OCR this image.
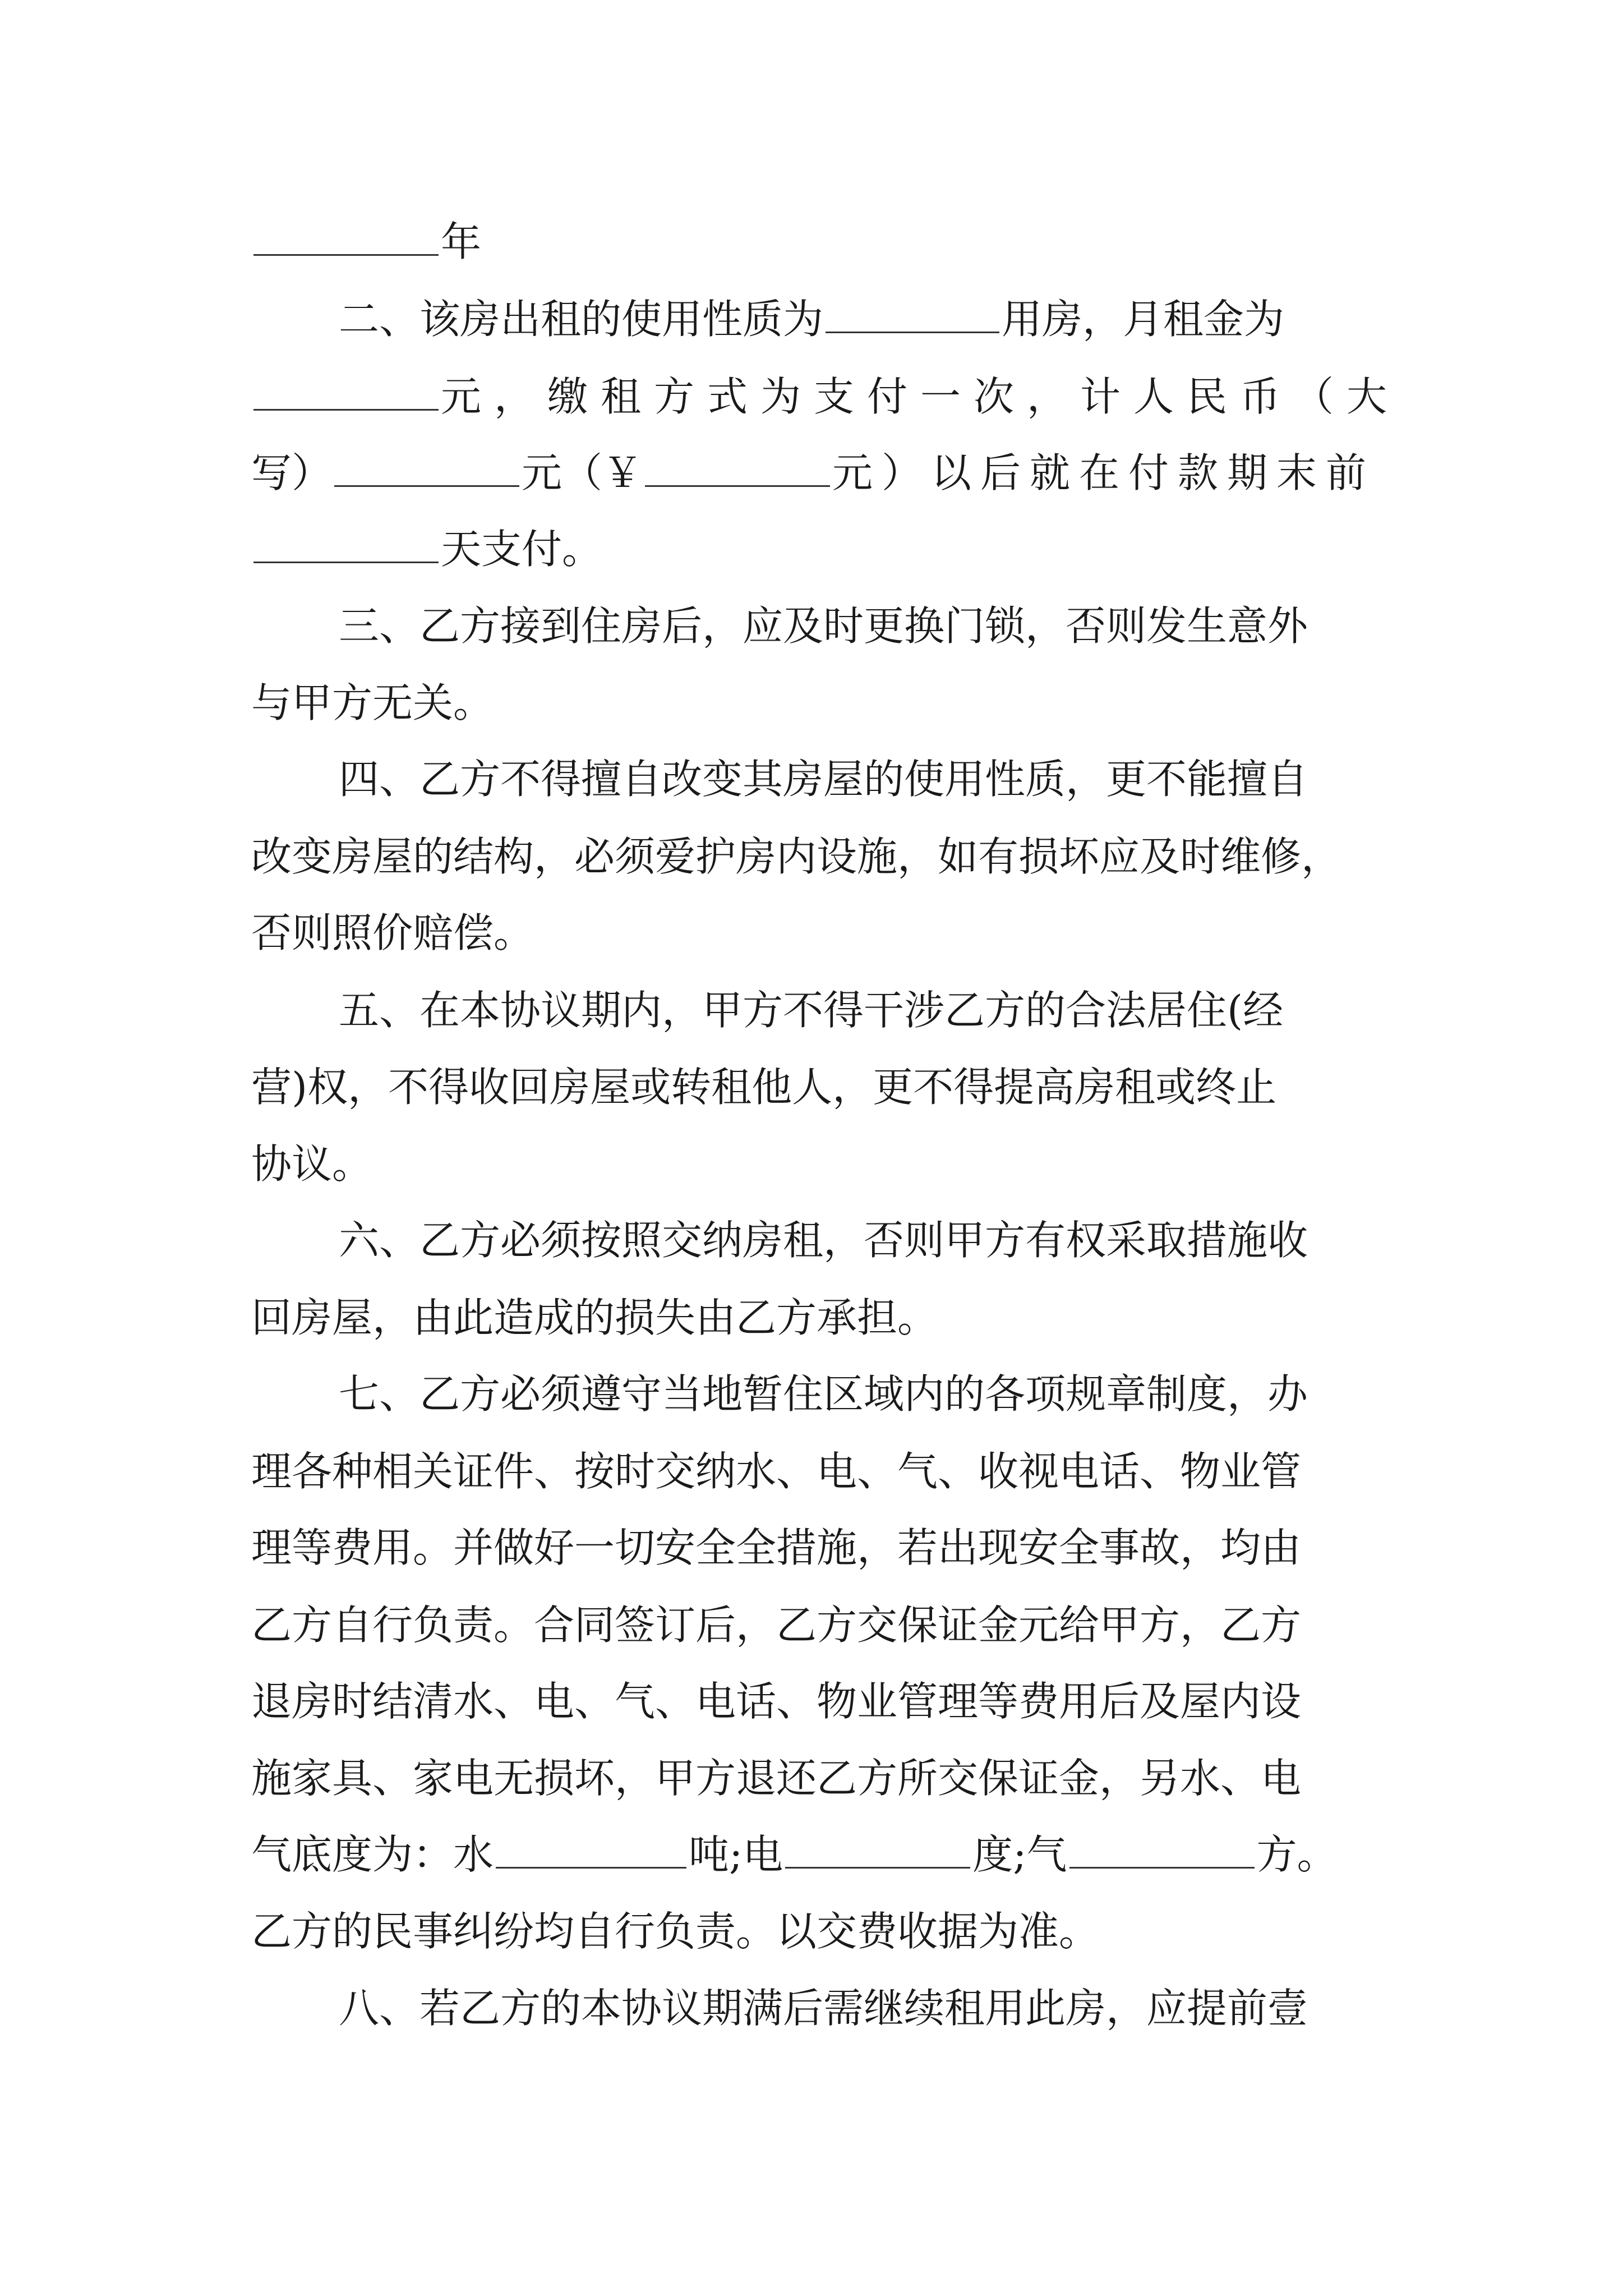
年
二、该房出租的使用性质为	用房，月租金为
元，缴租方式为支付一次，计人民币（大
写）	元（￥	元）以后就在付款期末前
天支付。
三、乙方接到住房后，应及时更换门锁，否则发生意外
与甲方无关。
四、乙方不得擅自改变其房屋的使用性质，更不能擅自
改变房屋的结构，必须爱护房内设施，如有损坏应及时维修，
否则照价赔偿。
五、在本协议期内，甲方不得干涉乙方的合法居住(经
营)权，不得收回房屋或转租他人，更不得提高房租或终止
协议。
六、乙方必须按照交纳房租，否则甲方有权采取措施收
回房屋，由此造成的损失由乙方承担。
七、乙方必须遵守当地暂住区域内的各项规章制度，办
理各种相关证件、按时交纳水、电、气、收视电话、物业管
理等费用。并做好一切安全全措施，若出现安全事故，均由
乙方自行负责。合同签订后，乙方交保证金元给甲方，乙方
退房时结清水、电、气、电话、物业管理等费用后及屋内设
施家具、家电无损坏，甲方退还乙方所交保证金，另水、电
气底度为：水	吨;电	度;气	方。
乙方的民事纠纷均自行负责。以交费收据为准。
八、若乙方的本协议期满后需继续租用此房，应提前壹
